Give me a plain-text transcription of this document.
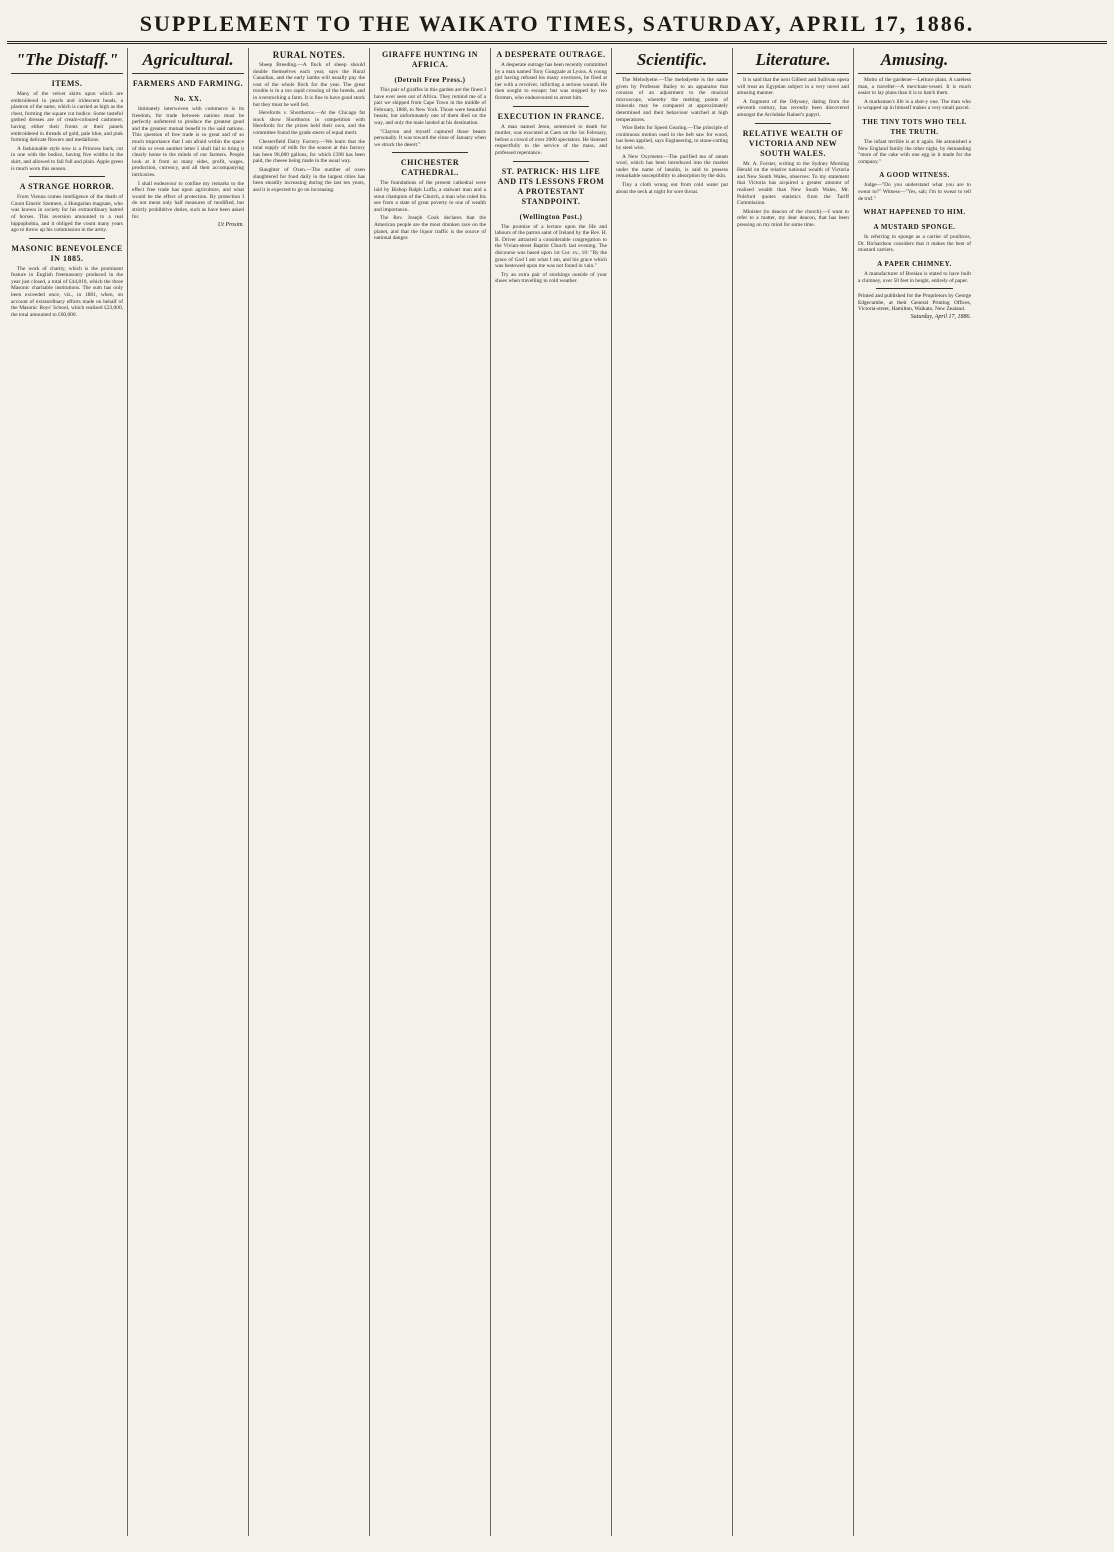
SUPPLEMENT TO THE WAIKATO TIMES, SATURDAY, APRIL 17, 1886.
"The Distaff."
ITEMS.

Many of the velvet skirts upon which are embroidered in pearls and iridescent beads, a plastron of the same, which is carried as high as the chest, forming the square cut bodice. Some tasteful gothed dresses are of cream-coloured cashmere, having either their fronts or their panels embroidered in threads of gold, pale blue, and pink forming delicate flowers and medallions.

A fashionable style now is a Princess back, cut in one with the bodice, having five widths in the skirt, and allowed to fall full and plain. Apple green is much worn this season.

A STRANGE HORROR.

From Vienna comes intelligence of the death of Count Emeric Szemere, a Hungarian magnate, who was known in society for his extraordinary hatred of horses. This aversion amounted to a real hippophobia, and it obliged the count many years ago to throw up his commission in the army.

MASONIC BENEVOLENCE IN 1885.

The work of charity, which is the prominent feature in English freemasonry produced in the year just closed, a total of £44,810, which the three Masonic charitable institutions. The sum has only been exceeded once, viz., in 1881, when, on account of extraordinary efforts made on behalf of the Masonic Boys' School, which realised £23,000, the total amounted to £60,000.

Agricultural.
FARMERS AND FARMING.
No. XX.

Intimately interwoven with commerce is its freedom, for trade between nations must be perfectly unfettered to produce the greatest good and the greatest mutual benefit to the said nations. This question of free trade is so great and of so much importance that I am afraid within the space of this or even another letter I shall fail to bring it clearly home to the minds of our farmers. People look at it from so many sides, profit, wages, production, currency, and all their accompanying intricacies.

I shall endeavour to confine my remarks to the effect free trade has upon agriculture, and what would be the effect of protection. By protection I do not mean only half measures of modified, but strictly prohibitive duties, such as have been asked for.

Ut Prosim.
RURAL NOTES.

Sheep Breeding.—A flock of sheep should double themselves each year, says the Rural Canadian, and the early lambs will usually pay the cost of the whole flock for the year. The great trouble is in a too rapid crossing of the breeds, and in overstocking a farm. It is fine to have good stock but they must be well fed.

Herefords v. Shorthorns.—At the Chicago fat stock show Shorthorns in competition with Herefords for the prizes held their own, and the committee found the grade steers of equal merit.

Chesterfield Dairy Factory.—We learn that the total supply of milk for the season at this factory has been 96,000 gallons, for which £398 has been paid, the cheese being made in the usual way.

Slaughter of Oxen.—The number of oxen slaughtered for food daily in the largest cities has been steadily increasing during the last ten years, and it is expected to go on increasing.

GIRAFFE HUNTING IN AFRICA.
(Detroit Free Press.)

This pair of giraffes in this garden are the finest I have ever seen out of Africa. They remind me of a pair we shipped from Cape Town in the middle of February, 1868, to New York. Those were beautiful beasts; but unfortunately one of them died on the way, and only the male landed at his destination.

"Clayton and myself captured those beasts personally. It was toward the close of January when we struck the desert."

CHICHESTER CATHEDRAL.

The foundations of the present cathedral were laid by Bishop Ralph Luffa, a stalwart man and a stout champion of the Church, a man who ruled his see from a state of great poverty to one of wealth and importance.

The Rev. Joseph Cook declares that the American people are the most drunken race on the planet, and that the liquor traffic is the source of national danger.

A DESPERATE OUTRAGE.

A desperate outrage has been recently committed by a man named Tony Gungzale at Lyons. A young girl having refused his many overtures, he fired at her with a revolver, inflicting a serious wound. He then sought to escape; but was stopped by two firemen, who endeavoured to arrest him.

EXECUTION IN FRANCE.

A man named Jeton, sentenced to death for murder, was executed at Caen on the 1st February, before a crowd of over 2000 spectators. He listened respectfully to the service of the mass, and professed repentance.

ST. PATRICK: HIS LIFE AND ITS LESSONS FROM A PROTESTANT STANDPOINT.
(Wellington Post.)

The promise of a lecture upon the life and labours of the patron saint of Ireland by the Rev. H. B. Driver attracted a considerable congregation to the Vivian-street Baptist Church last evening. The discourse was based upon 1st Cor. xv., 10: "By the grace of God I am what I am, and his grace which was bestowed upon me was not found in vain."

Try an extra pair of stockings outside of your shoes when travelling in cold weather.

Scientific.

The Melodyette.—The melodyette is the name given by Professor Bailey to an apparatus that consists of an adjustment to the musical microscope, whereby the melting points of minerals may be compared at approximately determined and their behaviour watched at high temperatures.

Wire Belts for Speed Gearing.—The principle of continuous motion used in the belt saw for wood, has been applied, says Engineering, to stone-cutting by steel wire.

A New Oxymeter.—The purified tea of steam wool, which has been introduced into the market under the name of lanolin, is said to possess remarkable susceptibility to absorption by the skin.

Tiny a cloth wrung out from cold water put about the neck at night for sore throat.

Literature.

It is said that the next Gilbert and Sullivan opera will treat an Egyptian subject in a very novel and amusing manner.

A fragment of the Odyssey, dating from the eleventh century, has recently been discovered amongst the Archduke Rainer's papyri.

RELATIVE WEALTH OF VICTORIA AND NEW SOUTH WALES.

Mr. A. Forster, writing to the Sydney Morning Herald on the relative national wealth of Victoria and New South Wales, observes: To my statement that Victoria has acquired a greater amount of realised wealth than New South Wales, Mr. Pulsford quotes statistics from the Tariff Commission.

Minister (to deacon of the church).—I want to refer to a matter, my dear deacon, that has been pressing on my mind for some time.

Amusing.

Motto of the gardener—Lettuce plant. A careless man, a traveller—A merchant-vessel. It is much easier to lay plans than it is to hatch them.

A marksman's life is a shot-y one. The man who is wrapped up in himself makes a very small parcel.

THE TINY TOTS WHO TELL THE TRUTH.

The infant terrible is at it again. He astonished a New England family the other night, by demanding "more of the cake with one egg in it made for the company."

A GOOD WITNESS.

Judge—"Do you understand what you are to swear to?" Witness—"Yes, sah; I'm to swear to tell de truf."

WHAT HAPPENED TO HIM.
A MUSTARD SPONGE.

In referring to sponge as a carrier of poultices, Dr. Richardson considers that it makes the best of mustard carriers.

A PAPER CHIMNEY.

A manufacturer of Breslau is stated to have built a chimney, over 50 feet in height, entirely of paper.

Printed and published for the Proprietors by George Edgecumbe, at their General Printing Offices, Victoria-street, Hamilton, Waikato, New Zealand.
Saturday, April 17, 1886.
